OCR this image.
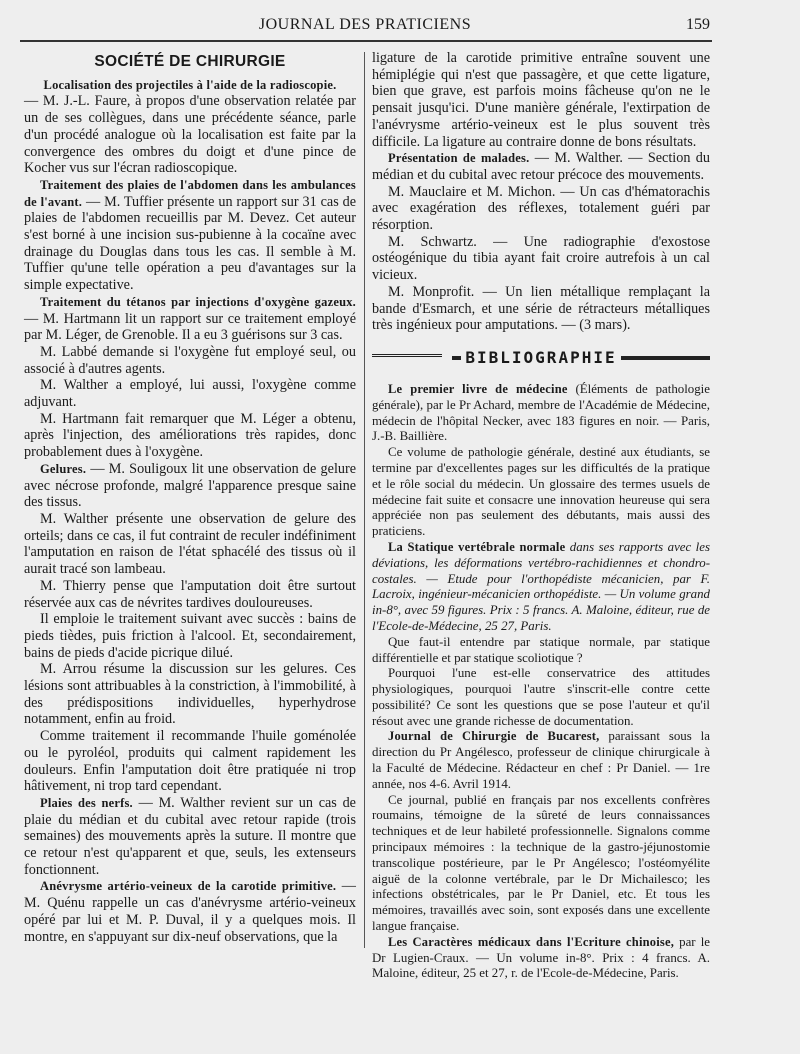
JOURNAL DES PRATICIENS	159
SOCIÉTÉ DE CHIRURGIE
Localisation des projectiles à l'aide de la radioscopie.

— M. J.-L. Faure, à propos d'une observation relatée par un de ses collègues, dans une précédente séance, parle d'un procédé analogue où la localisation est faite par la convergence des ombres du doigt et d'une pince de Kocher vus sur l'écran radioscopique.

Traitement des plaies de l'abdomen dans les ambulances de l'avant. — M. Tuffier présente un rapport sur 31 cas de plaies de l'abdomen recueillis par M. Devez. Cet auteur s'est borné à une incision sus-pubienne à la cocaïne avec drainage du Douglas dans tous les cas. Il semble à M. Tuffier qu'une telle opération a peu d'avantages sur la simple expectative.

Traitement du tétanos par injections d'oxygène gazeux. — M. Hartmann lit un rapport sur ce traitement employé par M. Léger, de Grenoble. Il a eu 3 guérisons sur 3 cas.

M. Labbé demande si l'oxygène fut employé seul, ou associé à d'autres agents.

M. Walther a employé, lui aussi, l'oxygène comme adjuvant.

M. Hartmann fait remarquer que M. Léger a obtenu, après l'injection, des améliorations très rapides, donc probablement dues à l'oxygène.

Gelures. — M. Souligoux lit une observation de gelure avec nécrose profonde, malgré l'apparence presque saine des tissus.

M. Walther présente une observation de gelure des orteils; dans ce cas, il fut contraint de reculer indéfiniment l'amputation en raison de l'état sphacélé des tissus où il aurait tracé son lambeau.

M. Thierry pense que l'amputation doit être surtout réservée aux cas de névrites tardives douloureuses.

Il emploie le traitement suivant avec succès : bains de pieds tièdes, puis friction à l'alcool. Et, secondairement, bains de pieds d'acide picrique dilué.

M. Arrou résume la discussion sur les gelures. Ces lésions sont attribuables à la constriction, à l'immobilité, à des prédispositions individuelles, hyperhydrose notamment, enfin au froid.

Comme traitement il recommande l'huile goménolée ou le pyroléol, produits qui calment rapidement les douleurs. Enfin l'amputation doit être pratiquée ni trop hâtivement, ni trop tard cependant.

Plaies des nerfs. — M. Walther revient sur un cas de plaie du médian et du cubital avec retour rapide (trois semaines) des mouvements après la suture. Il montre que ce retour n'est qu'apparent et que, seuls, les extenseurs fonctionnent.

Anévrysme artério-veineux de la carotide primitive. — M. Quénu rappelle un cas d'anévrysme artério-veineux opéré par lui et M. P. Duval, il y a quelques mois. Il montre, en s'appuyant sur dix-neuf observations, que la

ligature de la carotide primitive entraîne souvent une hémiplégie qui n'est que passagère, et que cette ligature, bien que grave, est parfois moins fâcheuse qu'on ne le pensait jusqu'ici. D'une manière générale, l'extirpation de l'anévrysme artério-veineux est le plus souvent très difficile. La ligature au contraire donne de bons résultats.

Présentation de malades. — M. Walther. — Section du médian et du cubital avec retour précoce des mouvements.

M. Mauclaire et M. Michon. — Un cas d'hématorachis avec exagération des réflexes, totalement guéri par résorption.

M. Schwartz. — Une radiographie d'exostose ostéogénique du tibia ayant fait croire autrefois à un cal vicieux.

M. Monprofit. — Un lien métallique remplaçant la bande d'Esmarch, et une série de rétracteurs métalliques très ingénieux pour amputations. — (3 mars).

BIBLIOGRAPHIE

Le premier livre de médecine (Éléments de pathologie générale), par le Pr Achard, membre de l'Académie de Médecine, médecin de l'hôpital Necker, avec 183 figures en noir. — Paris, J.-B. Baillière.

Ce volume de pathologie générale, destiné aux étudiants, se termine par d'excellentes pages sur les difficultés de la pratique et le rôle social du médecin. Un glossaire des termes usuels de médecine fait suite et consacre une innovation heureuse qui sera appréciée non pas seulement des débutants, mais aussi des praticiens.

La Statique vertébrale normale dans ses rapports avec les déviations, les déformations vertébro-rachidiennes et chondro-costales. — Etude pour l'orthopédiste mécanicien, par F. Lacroix, ingénieur-mécanicien orthopédiste. — Un volume grand in-8°, avec 59 figures. Prix : 5 francs. A. Maloine, éditeur, rue de l'Ecole-de-Médecine, 25 27, Paris.

Que faut-il entendre par statique normale, par statique différentielle et par statique scoliotique ?

Pourquoi l'une est-elle conservatrice des attitudes physiologiques, pourquoi l'autre s'inscrit-elle contre cette possibilité? Ce sont les questions que se pose l'auteur et qu'il résout avec une grande richesse de documentation.

Journal de Chirurgie de Bucarest, paraissant sous la direction du Pr Angélesco, professeur de clinique chirurgicale à la Faculté de Médecine. Rédacteur en chef : Pr Daniel. — 1re année, nos 4-6. Avril 1914.

Ce journal, publié en français par nos excellents confrères roumains, témoigne de la sûreté de leurs connaissances techniques et de leur habileté professionnelle. Signalons comme principaux mémoires : la technique de la gastro-jéjunostomie transcolique postérieure, par le Pr Angélesco; l'ostéomyélite aiguë de la colonne vertébrale, par le Dr Michailesco; les infections obstétricales, par le Pr Daniel, etc. Et tous les mémoires, travaillés avec soin, sont exposés dans une excellente langue française.

Les Caractères médicaux dans l'Ecriture chinoise, par le Dr Lugien-Craux. — Un volume in-8°. Prix : 4 francs. A. Maloine, éditeur, 25 et 27, r. de l'Ecole-de-Médecine, Paris.
